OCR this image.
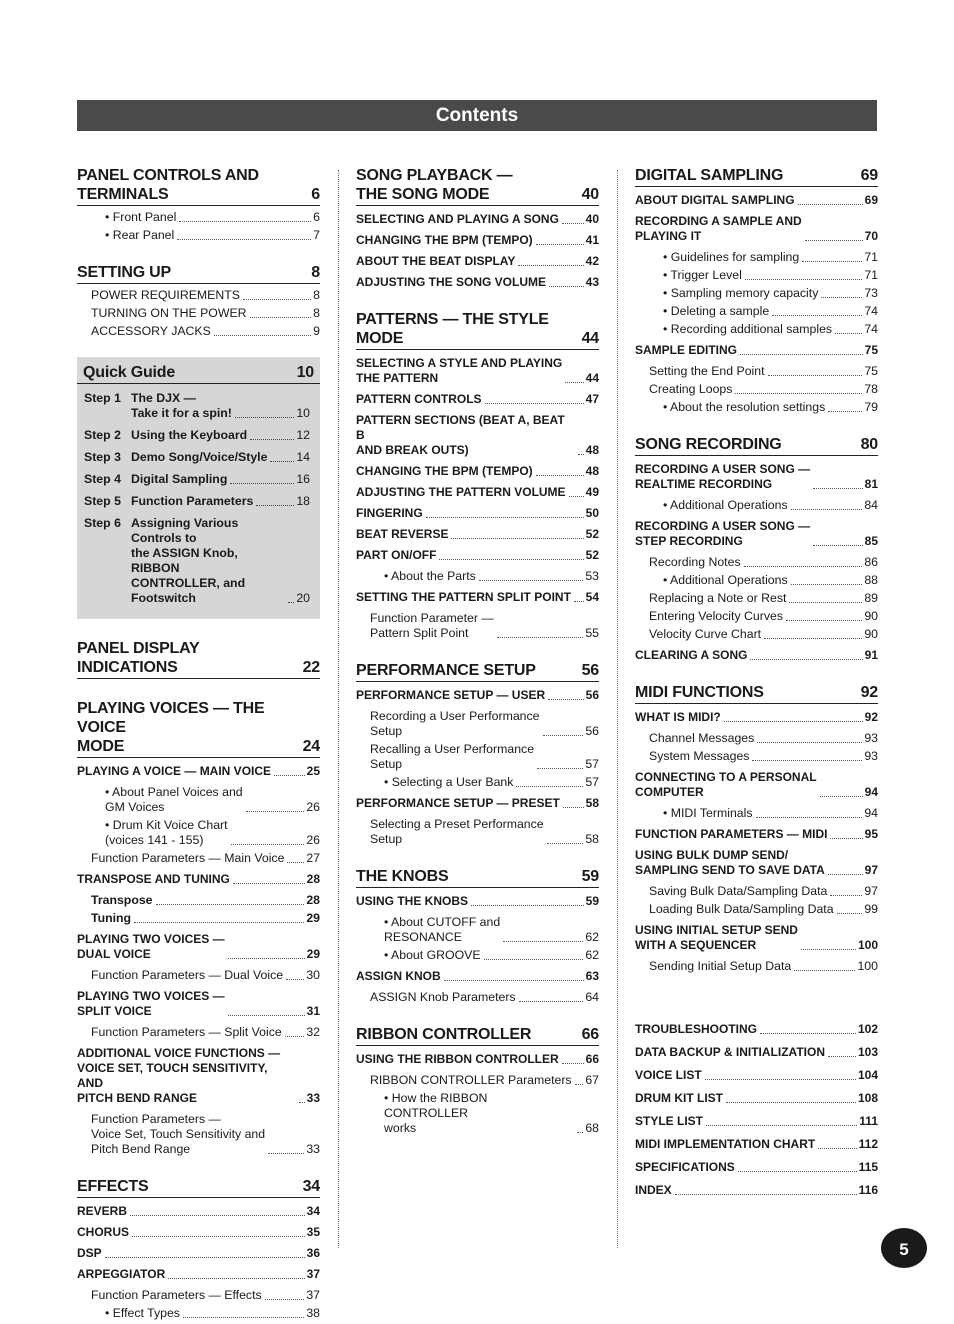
Contents
PANEL CONTROLS AND
TERMINALS	6
• Front Panel	6
• Rear Panel	7
SETTING UP	8
POWER REQUIREMENTS	8
TURNING ON THE POWER	8
ACCESSORY JACKS	9
Quick Guide	10
Step 1 The DJX —
Take it for a spin!	10
Step 2 Using the Keyboard	12
Step 3 Demo Song/Voice/Style 14
Step 4 Digital Sampling	16
Step 5 Function Parameters	18
Step 6 Assigning Various Controls to
the ASSIGN Knob, RIBBON
CONTROLLER, and
Footswitch	20
PANEL DISPLAY INDICATIONS	22
PLAYING VOICES — THE VOICE
MODE	24
PLAYING A VOICE — MAIN VOICE	25
• About Panel Voices and
GM Voices	26
• Drum Kit Voice Chart
(voices 141 - 155)	26
Function Parameters — Main Voice 27
TRANSPOSE AND TUNING	28
Transpose	28
Tuning	29
PLAYING TWO VOICES —
DUAL VOICE	29
Function Parameters — Dual Voice 30
PLAYING TWO VOICES —
SPLIT VOICE	31
Function Parameters — Split Voice 32
ADDITIONAL VOICE FUNCTIONS —
VOICE SET, TOUCH SENSITIVITY, AND
PITCH BEND RANGE	33
Function Parameters —
Voice Set, Touch Sensitivity and
Pitch Bend Range	33
EFFECTS	34
REVERB	34
CHORUS	35
DSP	36
ARPEGGIATOR	37
Function Parameters — Effects	37
• Effect Types	38
SONG PLAYBACK —
THE SONG MODE	40
SELECTING AND PLAYING A SONG 40
CHANGING THE BPM (TEMPO)	41
ABOUT THE BEAT DISPLAY	42
ADJUSTING THE SONG VOLUME	43
PATTERNS — THE STYLE MODE	44
SELECTING A STYLE AND PLAYING
THE PATTERN	44
PATTERN CONTROLS	47
PATTERN SECTIONS (BEAT A, BEAT B
AND BREAK OUTS)	48
CHANGING THE BPM (TEMPO)	48
ADJUSTING THE PATTERN VOLUME 49
FINGERING	50
BEAT REVERSE	52
PART ON/OFF	52
• About the Parts	53
SETTING THE PATTERN SPLIT POINT 54
Function Parameter —
Pattern Split Point	55
PERFORMANCE SETUP	56
PERFORMANCE SETUP — USER	56
Recording a User Performance
Setup	56
Recalling a User Performance
Setup	57
• Selecting a User Bank	57
PERFORMANCE SETUP — PRESET 58
Selecting a Preset Performance
Setup	58
THE KNOBS	59
USING THE KNOBS	59
• About CUTOFF and
RESONANCE	62
• About GROOVE	62
ASSIGN KNOB	63
ASSIGN Knob Parameters	64
RIBBON CONTROLLER	66
USING THE RIBBON CONTROLLER 66
RIBBON CONTROLLER Parameters 67
• How the RIBBON CONTROLLER
works	68
DIGITAL SAMPLING	69
ABOUT DIGITAL SAMPLING	69
RECORDING A SAMPLE AND
PLAYING IT	70
• Guidelines for sampling	71
• Trigger Level	71
• Sampling memory capacity	73
• Deleting a sample	74
• Recording additional samples	74
SAMPLE EDITING	75
Setting the End Point	75
Creating Loops	78
• About the resolution settings	79
SONG RECORDING	80
RECORDING A USER SONG —
REALTIME RECORDING	81
• Additional Operations	84
RECORDING A USER SONG —
STEP RECORDING	85
Recording Notes	86
• Additional Operations	88
Replacing a Note or Rest	89
Entering Velocity Curves	90
Velocity Curve Chart	90
CLEARING A SONG	91
MIDI FUNCTIONS	92
WHAT IS MIDI?	92
Channel Messages	93
System Messages	93
CONNECTING TO A PERSONAL
COMPUTER	94
• MIDI Terminals	94
FUNCTION PARAMETERS — MIDI	95
USING BULK DUMP SEND/
SAMPLING SEND TO SAVE DATA	97
Saving Bulk Data/Sampling Data	97
Loading Bulk Data/Sampling Data 99
USING INITIAL SETUP SEND
WITH A SEQUENCER	100
Sending Initial Setup Data	100
TROUBLESHOOTING	102
DATA BACKUP & INITIALIZATION	103
VOICE LIST	104
DRUM KIT LIST	108
STYLE LIST	111
MIDI IMPLEMENTATION CHART	112
SPECIFICATIONS	115
INDEX	116
5
